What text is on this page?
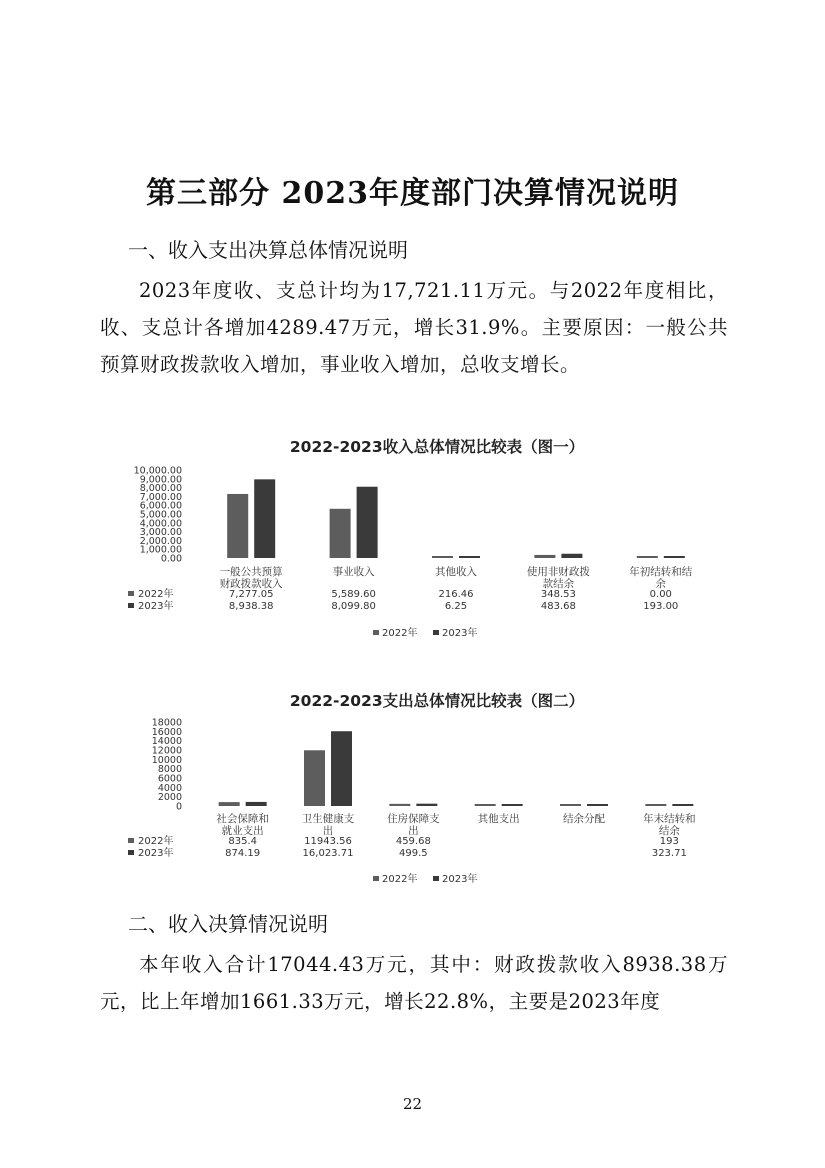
第三部分 2023年度部门决算情况说明
一、收入支出决算总体情况说明
2023年度收、支总计均为17,721.11万元。与2022年度相比，收、支总计各增加4289.47万元，增长31.9%。主要原因：一般公共预算财政拨款收入增加，事业收入增加，总收支增长。
2022-2023收入总体情况比较表（图一）
0.00
1,000.00
2,000.00
3,000.00
4,000.00
5,000.00
6,000.00
7,000.00
8,000.00
9,000.00
10,000.00
一般公共预算
财政拨款收入
7,277.05
8,938.38
事业收入
5,589.60
8,099.80
其他收入
216.46
6.25
使用非财政拨
款结余
348.53
483.68
年初结转和结
余
0.00
193.00
2022年
2023年
2022年 2023年
2022-2023支出总体情况比较表（图二）
0
2000
4000
6000
8000
10000
12000
14000
16000
18000
社会保障和
就业支出
835.4
874.19
卫生健康支
出
11943.56
16,023.71
住房保障支
出
459.68
499.5
其他支出	结余分配	年末结转和
结余
193
323.71
2022年
2023年
2022年 2023年
二、收入决算情况说明
本年收入合计17044.43万元，其中：财政拨款收入8938.38万元，比上年增加1661.33万元，增长22.8%，主要是2023年度
22
